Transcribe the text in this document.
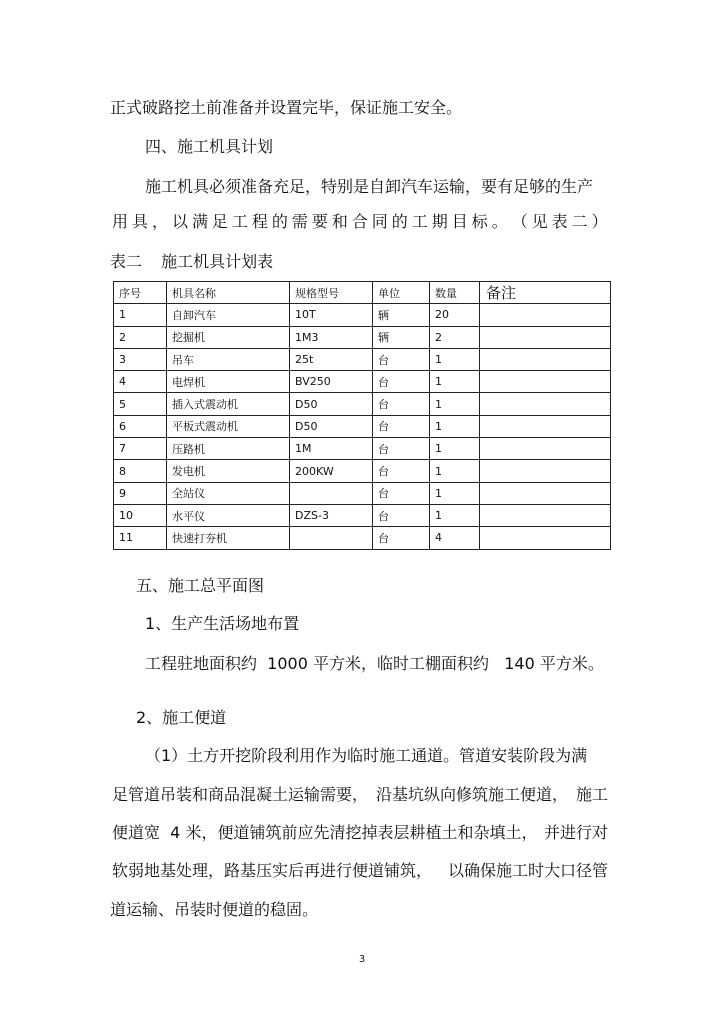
正式破路挖土前准备并设置完毕，保证施工安全。
四、施工机具计划
施工机具必须准备充足，特别是自卸汽车运输，要有足够的生产
用 具 ， 以 满 足 工 程 的 需 要 和 合 同 的 工 期 目 标 。 （ 见 表 二 ）
表二 施工机具计划表
序号	机具名称	规格型号	单位	数量	备注
1	自卸汽车	10T	辆	20	
2	挖掘机	1M3	辆	2	
3	吊车	25t	台	1	
4	电焊机	BV250	台	1	
5	插入式震动机	D50	台	1	
6	平板式震动机	D50	台	1	
7	压路机	1M	台	1	
8	发电机	200KW	台	1	
9	全站仪		台	1	
10	水平仪	DZS-3	台	1	
11	快速打夯机		台	4	
五、施工总平面图
1、生产生活场地布置
工程驻地面积约  1000 平方米，临时工棚面积约   140 平方米。
2、施工便道
（1）土方开挖阶段利用作为临时施工通道。管道安装阶段为满
足管道吊装和商品混凝土运输需要， 沿基坑纵向修筑施工便道， 施工
便道宽  4 米，便道铺筑前应先清挖掉表层耕植土和杂填土， 并进行对
软弱地基处理，路基压实后再进行便道铺筑， 以确保施工时大口径管
道运输、吊装时便道的稳固。
3
